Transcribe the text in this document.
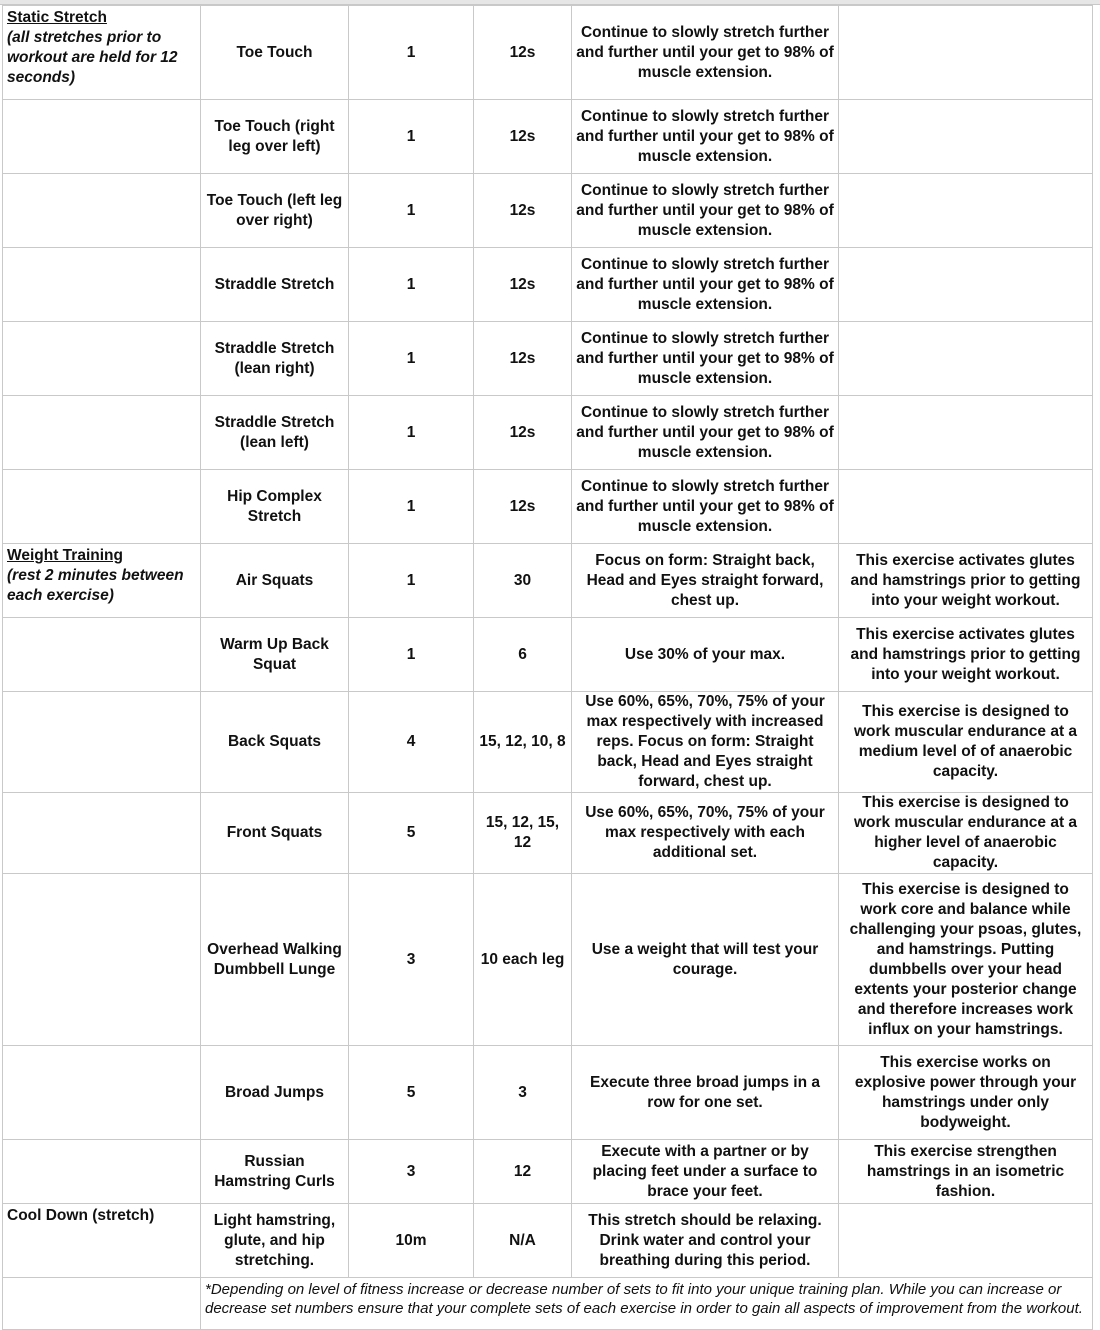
Static Stretch
(all stretches prior to workout are held for 12 seconds)	Toe Touch	1	12s	Continue to slowly stretch further and further until your get to 98% of muscle extension.	
	Toe Touch (right leg over left)	1	12s	Continue to slowly stretch further and further until your get to 98% of muscle extension.	
	Toe Touch (left leg over right)	1	12s	Continue to slowly stretch further and further until your get to 98% of muscle extension.	
	Straddle Stretch	1	12s	Continue to slowly stretch further and further until your get to 98% of muscle extension.	
	Straddle Stretch (lean right)	1	12s	Continue to slowly stretch further and further until your get to 98% of muscle extension.	
	Straddle Stretch (lean left)	1	12s	Continue to slowly stretch further and further until your get to 98% of muscle extension.	
	Hip Complex Stretch	1	12s	Continue to slowly stretch further and further until your get to 98% of muscle extension.	

Weight Training
(rest 2 minutes between each exercise)	Air Squats	1	30	Focus on form: Straight back, Head and Eyes straight forward, chest up.	This exercise activates glutes and hamstrings prior to getting into your weight workout.
	Warm Up Back Squat	1	6	Use 30% of your max.	This exercise activates glutes and hamstrings prior to getting into your weight workout.
	Back Squats	4	15, 12, 10, 8	Use 60%, 65%, 70%, 75% of your max respectively with increased reps. Focus on form: Straight back, Head and Eyes straight forward, chest up.	This exercise is designed to work muscular endurance at a medium level of of anaerobic capacity.
	Front Squats	5	15, 12, 15, 12	Use 60%, 65%, 70%, 75% of your max respectively with each additional set.	This exercise is designed to work muscular endurance at a higher level of anaerobic capacity.
	Overhead Walking Dumbbell Lunge	3	10 each leg	Use a weight that will test your courage.	This exercise is designed to work core and balance while challenging your psoas, glutes, and hamstrings. Putting dumbbells over your head extents your posterior change and therefore increases work influx on your hamstrings.
	Broad Jumps	5	3	Execute three broad jumps in a row for one set.	This exercise works on explosive power through your hamstrings under only bodyweight.
	Russian Hamstring Curls	3	12	Execute with a partner or by placing feet under a surface to brace your feet.	This exercise strengthen hamstrings in an isometric fashion.

Cool Down (stretch)	Light hamstring, glute, and hip stretching.	10m	N/A	This stretch should be relaxing. Drink water and control your breathing during this period.	
	*Depending on level of fitness increase or decrease number of sets to fit into your unique training plan. While you can increase or decrease set numbers ensure that your complete sets of each exercise in order to gain all aspects of improvement from the workout.				
